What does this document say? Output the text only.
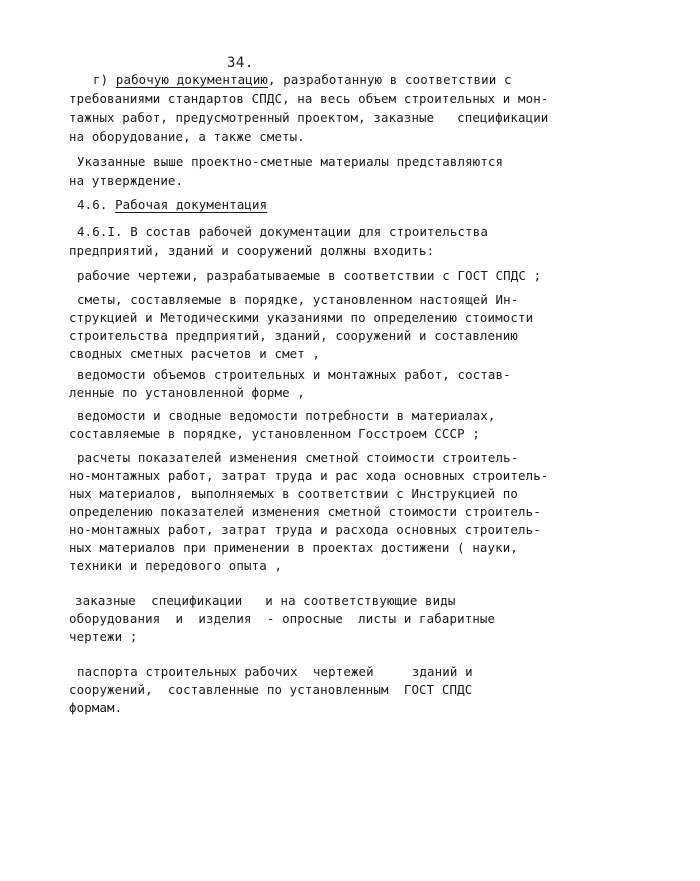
34.
г) рабочую документацию, разработанную в соответствии с
требованиями стандартов СПДС, на весь объем строительных и мон-
тажных работ, предусмотренный проектом, заказные   спецификации
на оборудование, а также сметы.
Указанные выше проектно-сметные материалы представляются
на утверждение.
4.6. Рабочая документация
4.6.I. В состав рабочей документации для строительства
предприятий, зданий и сооружений должны входить:
рабочие чертежи, разрабатываемые в соответствии с ГОСТ СПДС ;
сметы, составляемые в порядке, установленном настоящей Ин-
струкцией и Методическими указаниями по определению стоимости
строительства предприятий, зданий, сооружений и составлению
сводных сметных расчетов и смет ,
ведомости объемов строительных и монтажных работ, состав-
ленные по установленной форме ,
ведомости и сводные ведомости потребности в материалах,
составляемые в порядке, установленном Госстроем СССР ;
расчеты показателей изменения сметной стоимости строитель-
но-монтажных работ, затрат труда и рас хода основных строитель-
ных материалов, выполняемых в соответствии с Инструкцией по
определению показателей изменения сметной стоимости строитель-
но-монтажных работ, затрат труда и расхода основных строитель-
ных материалов при применении в проектах достижени ( науки,
техники и передового опыта ,
заказные  спецификации   и на соответствующие виды
оборудования  и  изделия  - опросные  листы и габаритные
чертежи ;
паспорта строительных рабочих  чертежей     зданий и
сооружений,  составленные по установленным  ГОСТ СПДС
формам.
